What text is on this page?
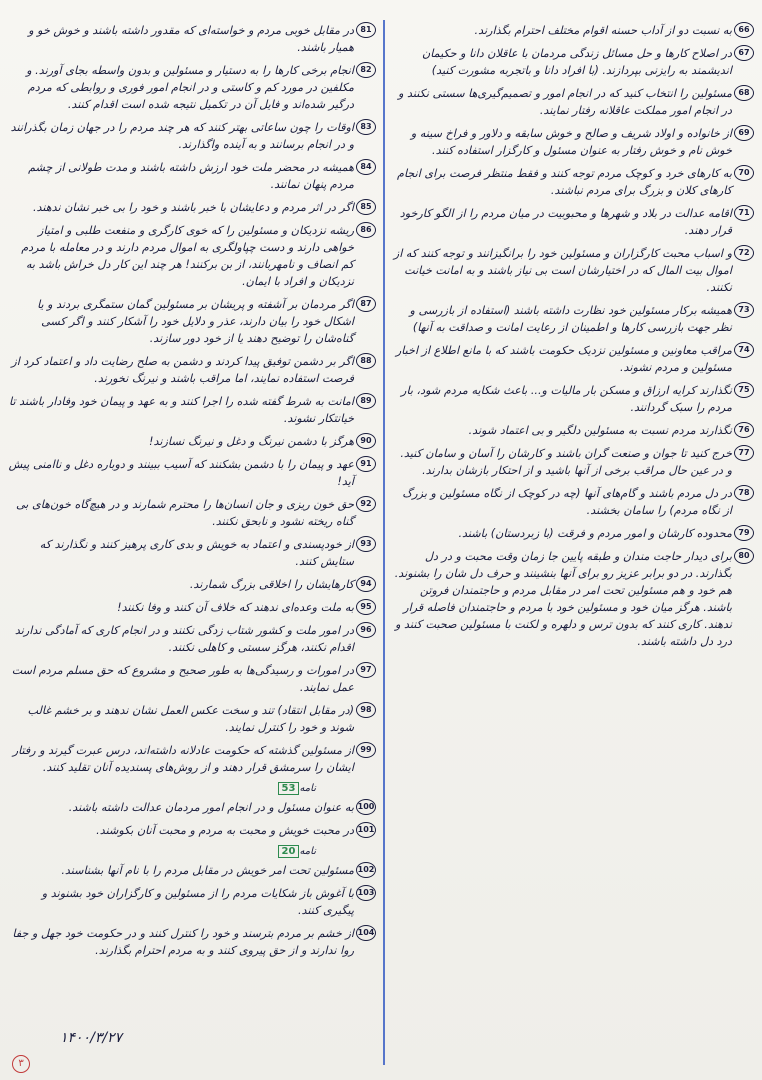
66
به نسبت دو از آداب حسنه اقوام مختلف احترام بگذارند.
67
در اصلاح کارها و حل مسائل زندگی مردمان با عاقلان دانا و حکیمان اندیشمند به رایزنی بپردازند. (با افراد دانا و باتجربه مشورت کنید)
68
مسئولین را انتخاب کنید که در انجام امور و تصمیم‌گیری‌ها سستی نکنند و در انجام امور مملکت عاقلانه رفتار نمایند.
69
از خانواده و اولاد شریف و صالح و خوش سابقه و دلاور و فراخ سینه و خوش نام و خوش رفتار به عنوان مسئول و کارگزار استفاده کنند.
70
به کارهای خرد و کوچک مردم توجه کنند و فقط منتظر فرصت برای انجام کارهای کلان و بزرگ برای مردم نباشند.
71
اقامه عدالت در بلاد و شهرها و محبوبیت در میان مردم را از الگو کارخود قرار دهند.
72
و اسباب محبت کارگزاران و مسئولین خود را برانگیزانند و توجه کنند که از اموال بیت المال که در اختیارشان است بی نیاز باشند و به امانت خیانت نکنند.
73
همیشه برکار مسئولین خود نظارت داشته باشند (استفاده از بازرسی و نظر جهت بازرسی کارها و اطمینان از رعایت امانت و صداقت به آنها)
74
مراقب معاونین و مسئولین نزدیک حکومت باشند که با مانع اطلاع از اخبار مسئولین و مردم نشوند.
75
نگذارند کرایه ارزاق و مسکن بار مالیات و... باعث شکایه مردم شود، بار مردم را سبک گردانند.
76
نگذارند مردم نسبت به مسئولین دلگیر و بی اعتماد شوند.
77
خرج کنید تا جوان و صنعت گران باشند و کارشان را آسان و سامان کنید. و در عین حال مراقب برخی از آنها باشید و از احتکار بازشان بدارند.
78
در دل مردم باشند و گام‌های آنها (چه در کوچک از نگاه مسئولین و بزرگ از نگاه مردم) را سامان بخشند.
79
محدوده کارشان و امور مردم و فرقت (با زبردستان) باشند.
80
برای دیدار حاجت مندان و طبقه پایین جا زمان وقت محبت و در دل بگذارند. در دو برابر عزیز رو برای آنها بنشینند و حرف دل شان را بشنوند. هم خود و هم مسئولین تحت امر در مقابل مردم و حاجتمندان فروتن باشند. هرگز میان خود و مسئولین خود با مردم و حاجتمندان فاصله قرار ندهند. کاری کنند که بدون ترس و دلهره و لکنت با مسئولین صحبت کنند و درد دل داشته باشند.
81
در مقابل خوبی مردم و خواسته‌ای که مقدور داشته باشند و خوش خو و همیار باشند.
82
انجام برخی کارها را به دستیار و مسئولین و بدون واسطه بجای آورند. و مکلفین در مورد کم و کاستی و در انجام امور فوری و روابطی که مردم درگیر شده‌اند و فایل آن در تکمیل نتیجه شده است اقدام کنند.
83
اوقات را چون ساعاتی بهتر کنند که هر چند مردم را در جهان زمان بگذرانند و در انجام برسانند و به آینده واگذارند.
84
همیشه در محضر ملت خود ارزش داشته باشند و مدت طولانی از چشم مردم پنهان نمانند.
85
اگر در اثر مردم و دعایشان با خبر باشند و خود را بی خبر نشان ندهند.
86
ریشه نزدیکان و مسئولین را که خوی کارگری و منفعت طلبی و امتیاز خواهی دارند و دست چپاولگری به اموال مردم دارند و در معامله با مردم کم انصاف و نامهربانند، از بن برکنند! هر چند این کار دل خراش باشد به نزدیکان و افراد با ایمان.
87
اگر مردمان بر آشفته و پریشان بر مسئولین گمان ستمگری بردند و یا اشکال خود را بیان دارند، عذر و دلایل خود را آشکار کنند و اگر کسی گناه‌شان را توضیح دهند یا از خود دور سازند.
88
اگر بر دشمن توفیق پیدا کردند و دشمن به صلح رضایت داد و اعتماد کرد از فرصت استفاده نمایند، اما مراقب باشند و نیرنگ نخورند.
89
امانت به شرط گفته شده را اجرا کنند و به عهد و پیمان خود وفادار باشند تا خیانتکار نشوند.
90
هرگز با دشمن نیرنگ و دغل و نیرنگ نسازند!
91
عهد و پیمان را با دشمن بشکنند که آسیب ببینند و دوباره دغل و ناامنی پیش آید!
92
حق خون ریزی و جان انسان‌ها را محترم شمارند و در هیچ‌گاه خون‌های بی گناه ریخته نشود و نابحق نکنند.
93
از خودپسندی و اعتماد به خویش و بدی کاری پرهیز کنند و نگذارند که ستایش کنند.
94
کارهایشان را اخلاقی بزرگ شمارند.
95
به ملت وعده‌ای ندهند که خلاف آن کنند و وفا نکنند!
96
در امور ملت و کشور شتاب زدگی نکنند و در انجام کاری که آمادگی ندارند اقدام نکنند، هرگز سستی و کاهلی نکنند.
97
در امورات و رسیدگی‌ها به طور صحیح و مشروع که حق مسلم مردم است عمل نمایند.
98
(در مقابل انتقاد) تند و سخت عکس العمل نشان ندهند و بر خشم غالب شوند و خود را کنترل نمایند.
99
از مسئولین گذشته که حکومت عادلانه داشته‌اند، درس عبرت گیرند و رفتار ایشان را سرمشق قرار دهند و از روش‌های پسندیده آنان تقلید کنند.
53 نامه
100
به عنوان مسئول و در انجام امور مردمان عدالت داشته باشند.
101
در محبت خویش و محبت به مردم و محبت آنان بکوشند.
20 نامه
102
مسئولین تحت امر خویش در مقابل مردم را با نام آنها بشناسند.
103
با آغوش باز شکایات مردم را از مسئولین و کارگزاران خود بشنوند و پیگیری کنند.
104
از خشم بر مردم بترسند و خود را کنترل کنند و در حکومت خود جهل و جفا روا ندارند و از حق پیروی کنند و به مردم احترام بگذارند.
۱۴۰۰/۳/۲۷
۳
